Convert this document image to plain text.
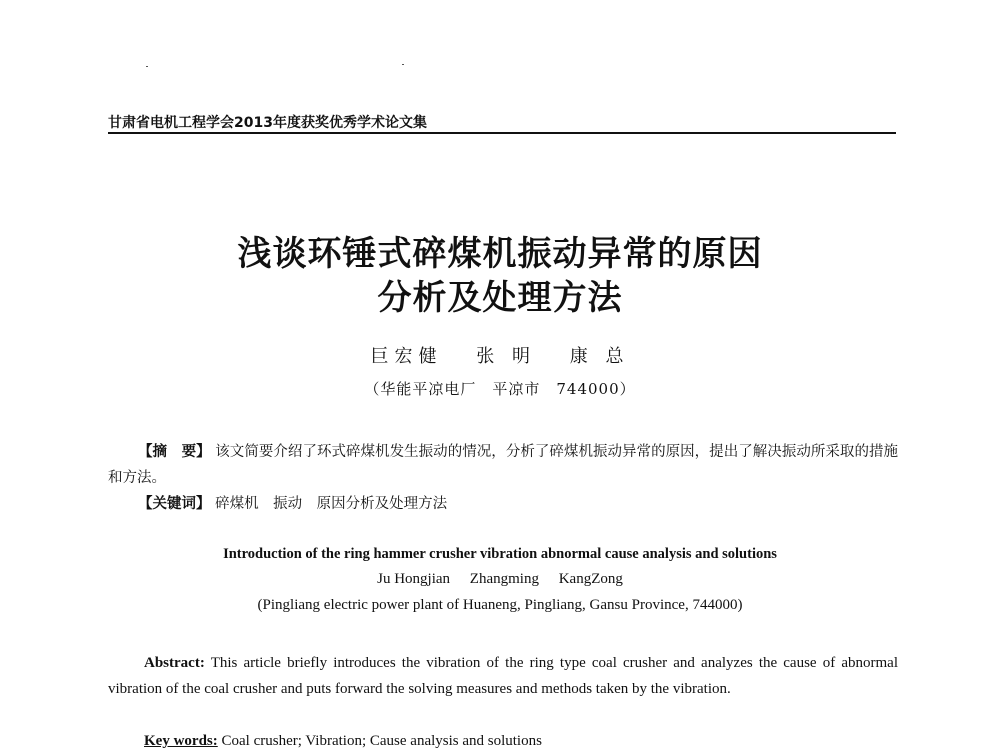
甘肃省电机工程学会2013年度获奖优秀学术论文集
浅谈环锤式碎煤机振动异常的原因
分析及处理方法
巨宏健 张 明 康 总
（华能平凉电厂　平凉市　744000）
【摘　要】 该文简要介绍了环式碎煤机发生振动的情况，分析了碎煤机振动异常的原因，提出了解决振动所采取的措施和方法。
【关键词】 碎煤机　振动　原因分析及处理方法
Introduction of the ring hammer crusher vibration abnormal cause analysis and solutions
Ju Hongjian Zhangming KangZong
(Pingliang electric power plant of Huaneng, Pingliang, Gansu Province, 744000)
Abstract: This article briefly introduces the vibration of the ring type coal crusher and analyzes the cause of abnormal vibration of the coal crusher and puts forward the solving measures and methods taken by the vibration.
Key words: Coal crusher; Vibration; Cause analysis and solutions
